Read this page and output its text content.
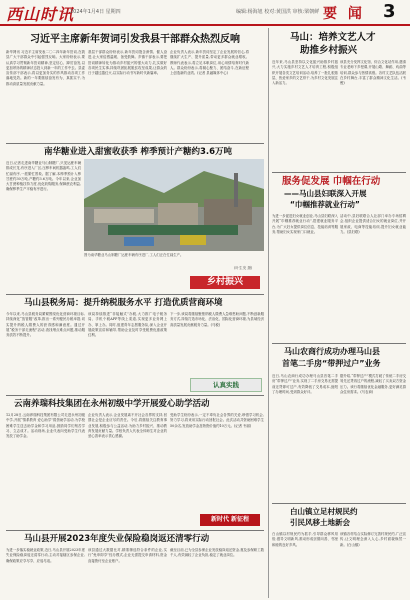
西山时讯
2024年1月4日 星期四	编辑:杨海旭 校对:黄国洪 审核:梁朝鲜 要 闻 3
习近平主席新年贺词引发我县干部群众热烈反响
新华网讯 习近平主席发表二〇二四年新年贺词,在我县广大干部群众中引起强烈反响。大家纷纷表示,要认真学习贯彻新年贺词精神,坚定信心、踔厉奋发,以更加昂扬的精神状态投入到新一年的工作中去。县委宣传部干部表示,将以更加务实的作风推动各项工作落地见效。新的一年要继续奋发有为、真抓实干,为推动高质量发展贡献力量。
基层干部群众纷纷表示,新年贺词饱含深情、催人奋进,让大家倍感温暖、备受鼓舞。乡镇干部表示,要把贺词精神转化为推动乡村振兴的强大动力,扎实做好各项民生实事,持续巩固拓展脱贫攻坚成果,让群众的日子越过越红火,以实际行动书写新时代新篇章。
企业负责人表示,新年贺词坚定了企业发展的信心,将继续扩大生产、提升质量,带动更多群众就业增收。教师代表表示,将立足本职岗位,用心用情培育时代新人。群众纷纷表示,将凝心聚力、团结奋斗,在新征程上创造新的业绩。(记者 县融媒体中心)
南华糖业进入甜蜜收获季 榨季预计产糖约3.6万吨
近日,记者走进南华糖业马山制糖厂,只见运蔗车辆排成长龙,有序进入厂区,压榨车间机器轰鸣,工人们忙碌有序,一派繁忙景象。据了解,本榨季预计入榨甘蔗约30万吨,产糖约3.6万吨。今年以来,企业加大甘蔗种植扶持力度,优化收购服务,保障蔗农利益,确保榨季生产平稳有序进行。
图为南华糖业马山制糖厂运蔗车辆有序进厂,工人们正在忙碌生产。
(叶生发 摄)
乡村振兴
马山县税务局：提升纳税服务水平 打造优质营商环境
今年以来,马山县税务局紧紧围绕优化营商环境目标,持续深化“放管服”改革,推出一系列便民办税举措,切实提升纳税人缴费人的获得感和满意度。通过开展“税务干部走流程”活动,查找堵点难点问题,推动服务质效不断提升。
该局持续推进“非接触式”办税,大力推广电子税务局、手机个税APP等线上渠道,实现更多业务网上办、掌上办。同时,组建青年志愿服务队,深入企业开展政策宣讲和辅导,帮助企业及时享受税费优惠政策红利。
下一步,该局将继续聚焦纳税人缴费人急难愁盼问题,不断创新服务方式,持续打造市场化、法治化、国际化营商环境,为县域经济高质量发展贡献税务力量。(马税)
认真实践
云南养瑞科技集团在永州初级中学开展爱心助学活动
12月28日,云南养瑞科技集团有限公司走进永州初级中学,开展“情系教育 爱心助学”捐资助学活动,为学校困难学生送去助学金和学习用品,鼓励同学们刻苦学习、立志成才。活动现场,企业代表向受助学生代表发放了助学金。
企业负责人表示,企业发展离不开社会各界的支持,回馈社会是企业应尽的责任。今后,将继续关注教育事业发展,积极参与公益活动,为助力乡村振兴、推动教育发展贡献力量。学校负责人代表全体师生对企业的爱心善举表示衷心感谢。
受助学生纷纷表示,一定不辜负社会各界的关爱,珍惜学习机会,努力学习,将来用实际行动回报社会。此次活动共资助困难学生50余名,发放助学金及物资价值约10万元。(记者 韦丽)
新时代 新征程
马山县开展2023年度失业保险稳岗返还清零行动
为进一步落实稳就业政策,近日,马山县开展2023年度失业保险稳岗返还清零行动,主动对接辖区参保企业,确保政策应享尽享、应返尽返。
该县通过大数据比对,精准筛选符合条件的企业,实行“免申即享”经办模式,企业无需提交申请材料,资金直接拨付至企业账户。
截至目前,已为全县参保企业发放稳岗返还资金,惠及参保职工数千人,有效减轻了企业负担,稳定了就业岗位。
马山：培养文艺人才
助推乡村振兴
近年来,马山县坚持以文化振兴助推乡村振兴,大力实施乡村文艺人才培育工程,积极组织开展各类文艺培训活动,培养了一批扎根基层、热爱家乡的文艺骨干,为乡村文化发展注入新活力。
该县充分发挥文化馆、综合文化站作用,邀请专业老师下乡授课,开展山歌、舞蹈、戏曲等培训,群众参与热情高涨。各村文艺队伍活跃在乡村舞台,丰富了群众精神文化生活。(韦俊)
服务促发展 巾帼在行动
——马山县妇联深入开展
“巾帼推荐就业行动”
为进一步促进妇女就业创业,马山县妇联深入开展“巾帼推荐就业行动”,搭建就业服务平台,为广大妇女提供岗位信息、技能培训等服务,帮助妇女实现家门口就业。
活动中,县妇联联合人社部门举办专场招聘会,组织企业提供适合妇女的就业岗位,并开展家政、电商等技能培训,提升妇女就业能力。(县妇联)
马山农商行成功办理马山县
首笔二手房“带押过户”业务
近日,马山农商行成功办理马山县首笔二手房“带押过户”业务,实现了二手房交易无需提前还贷即可过户,有效降低了交易成本,缩短了办理时间,受到群众好评。
据介绍,“带押过户”模式打破了传统二手房交易先还贷再过户的流程,减轻了买卖双方资金压力。该行将继续优化金融服务,更好满足群众住房需求。(马农商)
白山镇立足村规民约
引民风移土地新会
白山镇以村规民约为抓手,引导群众移风易俗,倡导文明新风,推动形成崇德向善、邻里和睦的良好乡风。
该镇各村结合实际修订完善村规民约,广泛宣传,让文明理念深入人心,乡村面貌焕然一新。(白山镇)
